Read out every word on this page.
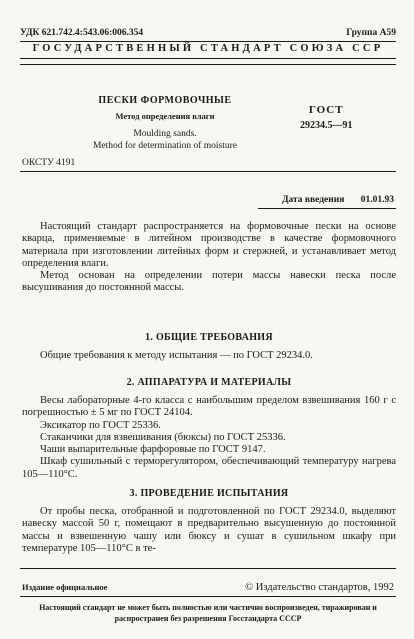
УДК 621.742.4:543.06:006.354	Группа А59
ГОСУДАРСТВЕННЫЙ СТАНДАРТ СОЮЗА ССР
ПЕСКИ ФОРМОВОЧНЫЕ
Метод определения влаги
Moulding sands.
Method for determination of moisture
ГОСТ
29234.5—91
ОКСТУ 4191
Дата введения 01.01.93

Настоящий стандарт распространяется на формовочные пески на основе кварца, применяемые в литейном производстве в качестве формовочного материала при изготовлении литейных форм и стержней, и устанавливает метод определения влаги.

Метод основан на определении потери массы навески песка после высушивания до постоянной массы.

1. ОБЩИЕ ТРЕБОВАНИЯ

Общие требования к методу испытания — по ГОСТ 29234.0.

2. АППАРАТУРА И МАТЕРИАЛЫ

Весы лабораторные 4-го класса с наибольшим пределом взвешивания 160 г с погрешностью ± 5 мг по ГОСТ 24104.

Эксикатор по ГОСТ 25336.

Стаканчики для взвешивания (бюксы) по ГОСТ 25336.

Чаши выпарительные фарфоровые по ГОСТ 9147.

Шкаф сушильный с терморегулятором, обеспечивающий температуру нагрева 105—110°С.

3. ПРОВЕДЕНИЕ ИСПЫТАНИЯ

От пробы песка, отобранной и подготовленной по ГОСТ 29234.0, выделяют навеску массой 50 г, помещают в предварительно высушенную до постоянной массы и взвешенную чашу или бюксу и сушат в сушильном шкафу при температуре 105—110°С в те-

Издание официальное	© Издательство стандартов, 1992
Настоящий стандарт не может быть полностью или частично воспроизведен, тиражирован и распространен без разрешения Госстандарта СССР
